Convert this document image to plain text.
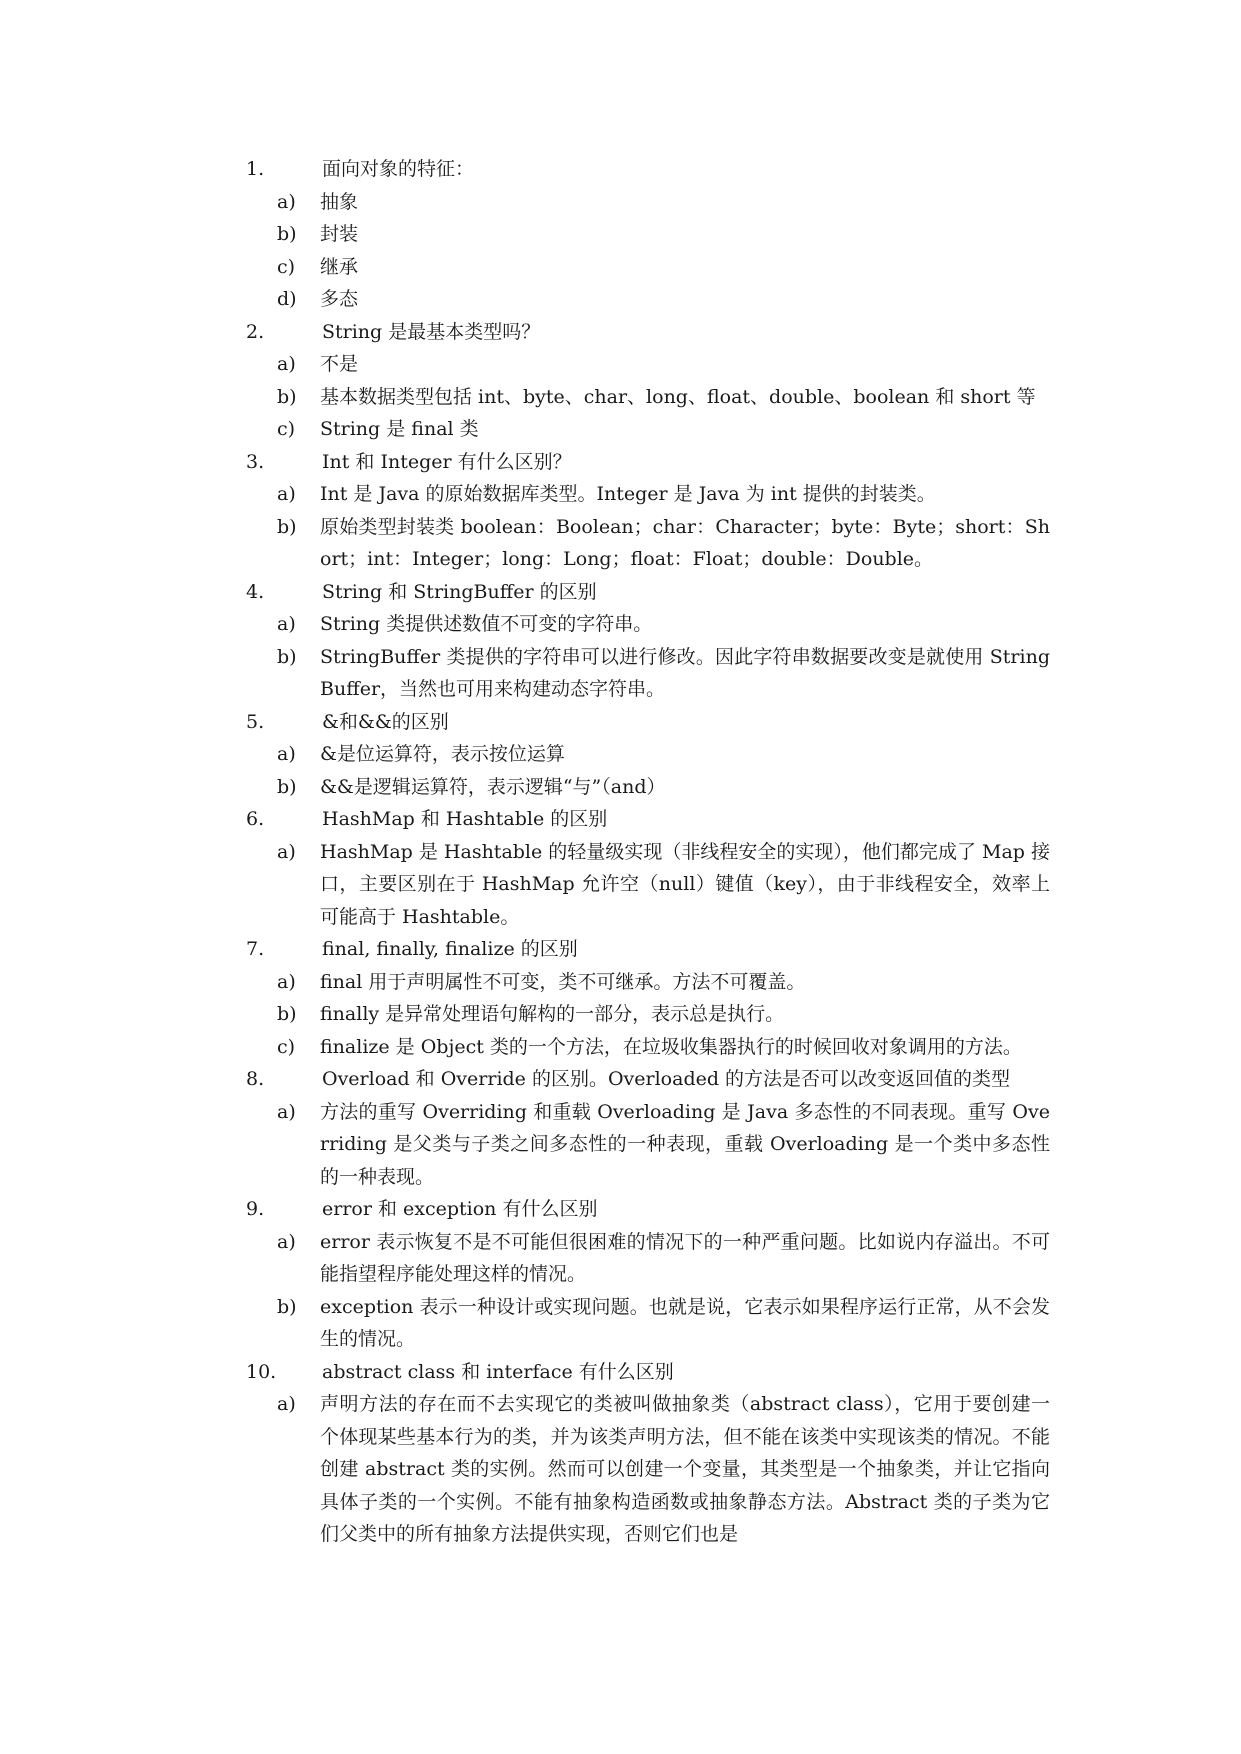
1.	面向对象的特征：
a)	抽象
b)	封装
c)	继承
d)	多态
2.	String 是最基本类型吗？
a)	不是
b)	基本数据类型包括 int、byte、char、long、float、double、boolean 和 short 等
c)	String 是 final 类
3.	Int 和 Integer 有什么区别？
a)	Int 是 Java 的原始数据库类型。Integer 是 Java 为 int 提供的封装类。
b)	原始类型封装类 boolean：Boolean；char：Character；byte：Byte；short：Short；int：Integer；long：Long；float：Float；double：Double。
4.	String 和 StringBuffer 的区别
a)	String 类提供述数值不可变的字符串。
b)	StringBuffer 类提供的字符串可以进行修改。因此字符串数据要改变是就使用 StringBuffer，当然也可用来构建动态字符串。
5.	&和&&的区别
a)	&是位运算符，表示按位运算
b)	&&是逻辑运算符，表示逻辑“与”（and）
6.	HashMap 和 Hashtable 的区别
a)	HashMap 是 Hashtable 的轻量级实现（非线程安全的实现），他们都完成了 Map 接口，主要区别在于 HashMap 允许空（null）键值（key），由于非线程安全，效率上可能高于 Hashtable。
7.	final, finally, finalize 的区别
a)	final 用于声明属性不可变，类不可继承。方法不可覆盖。
b)	finally 是异常处理语句解构的一部分，表示总是执行。
c)	finalize 是 Object 类的一个方法，在垃圾收集器执行的时候回收对象调用的方法。
8.	Overload 和 Override 的区别。Overloaded 的方法是否可以改变返回值的类型
a)	方法的重写 Overriding 和重载 Overloading 是 Java 多态性的不同表现。重写 Overriding 是父类与子类之间多态性的一种表现，重载 Overloading 是一个类中多态性的一种表现。
9.	error 和 exception 有什么区别
a)	error 表示恢复不是不可能但很困难的情况下的一种严重问题。比如说内存溢出。不可能指望程序能处理这样的情况。
b)	exception 表示一种设计或实现问题。也就是说，它表示如果程序运行正常，从不会发生的情况。
10.	abstract class 和 interface 有什么区别
a)	声明方法的存在而不去实现它的类被叫做抽象类（abstract class），它用于要创建一个体现某些基本行为的类，并为该类声明方法，但不能在该类中实现该类的情况。不能创建 abstract 类的实例。然而可以创建一个变量，其类型是一个抽象类，并让它指向具体子类的一个实例。不能有抽象构造函数或抽象静态方法。Abstract 类的子类为它们父类中的所有抽象方法提供实现，否则它们也是
